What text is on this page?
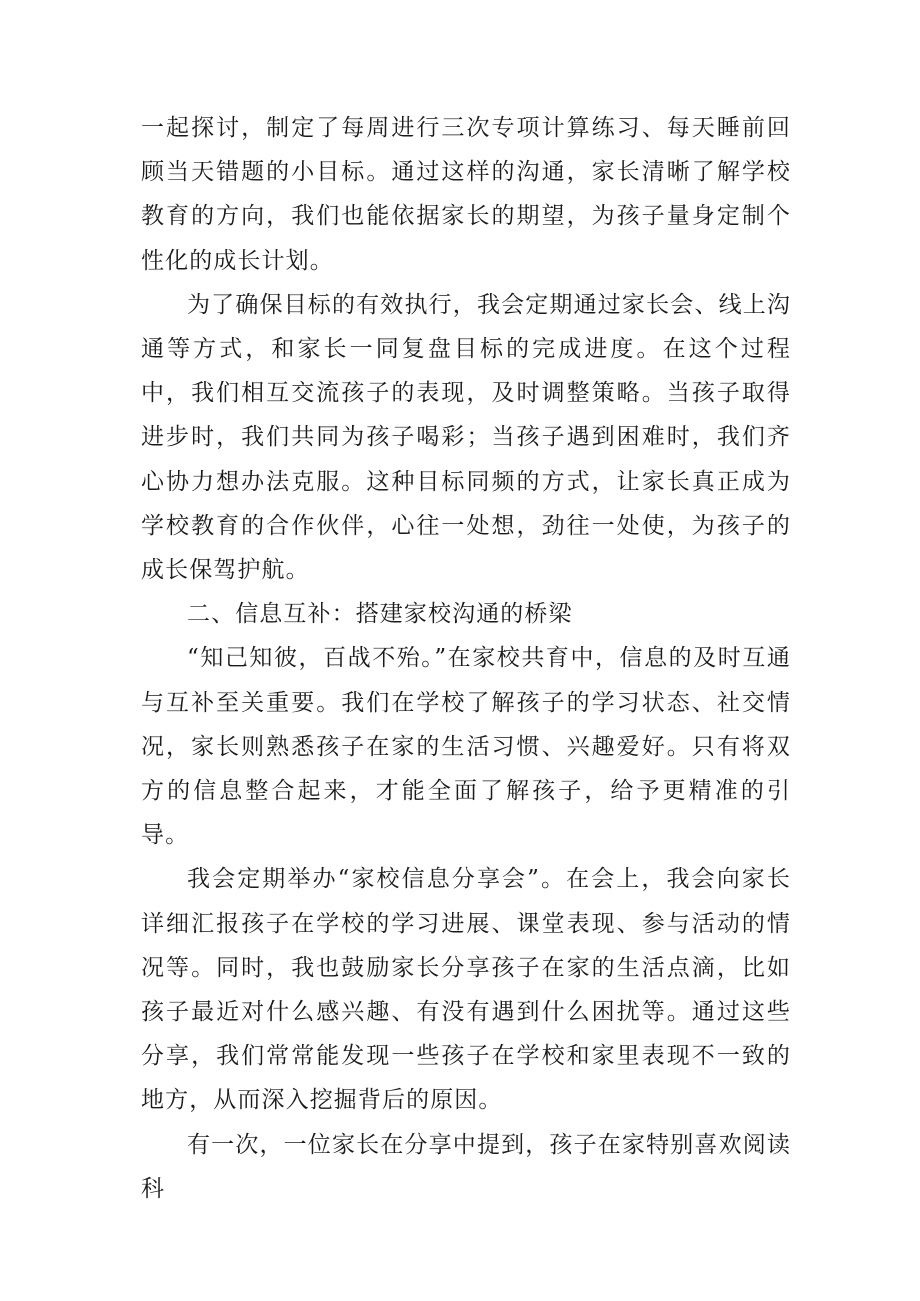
一起探讨，制定了每周进行三次专项计算练习、每天睡前回顾当天错题的小目标。通过这样的沟通，家长清晰了解学校教育的方向，我们也能依据家长的期望，为孩子量身定制个性化的成长计划。

为了确保目标的有效执行，我会定期通过家长会、线上沟通等方式，和家长一同复盘目标的完成进度。在这个过程中，我们相互交流孩子的表现，及时调整策略。当孩子取得进步时，我们共同为孩子喝彩；当孩子遇到困难时，我们齐心协力想办法克服。这种目标同频的方式，让家长真正成为学校教育的合作伙伴，心往一处想，劲往一处使，为孩子的成长保驾护航。

二、信息互补：搭建家校沟通的桥梁

“知己知彼，百战不殆。”在家校共育中，信息的及时互通与互补至关重要。我们在学校了解孩子的学习状态、社交情况，家长则熟悉孩子在家的生活习惯、兴趣爱好。只有将双方的信息整合起来，才能全面了解孩子，给予更精准的引导。

我会定期举办“家校信息分享会”。在会上，我会向家长详细汇报孩子在学校的学习进展、课堂表现、参与活动的情况等。同时，我也鼓励家长分享孩子在家的生活点滴，比如孩子最近对什么感兴趣、有没有遇到什么困扰等。通过这些分享，我们常常能发现一些孩子在学校和家里表现不一致的地方，从而深入挖掘背后的原因。

有一次，一位家长在分享中提到，孩子在家特别喜欢阅读科
